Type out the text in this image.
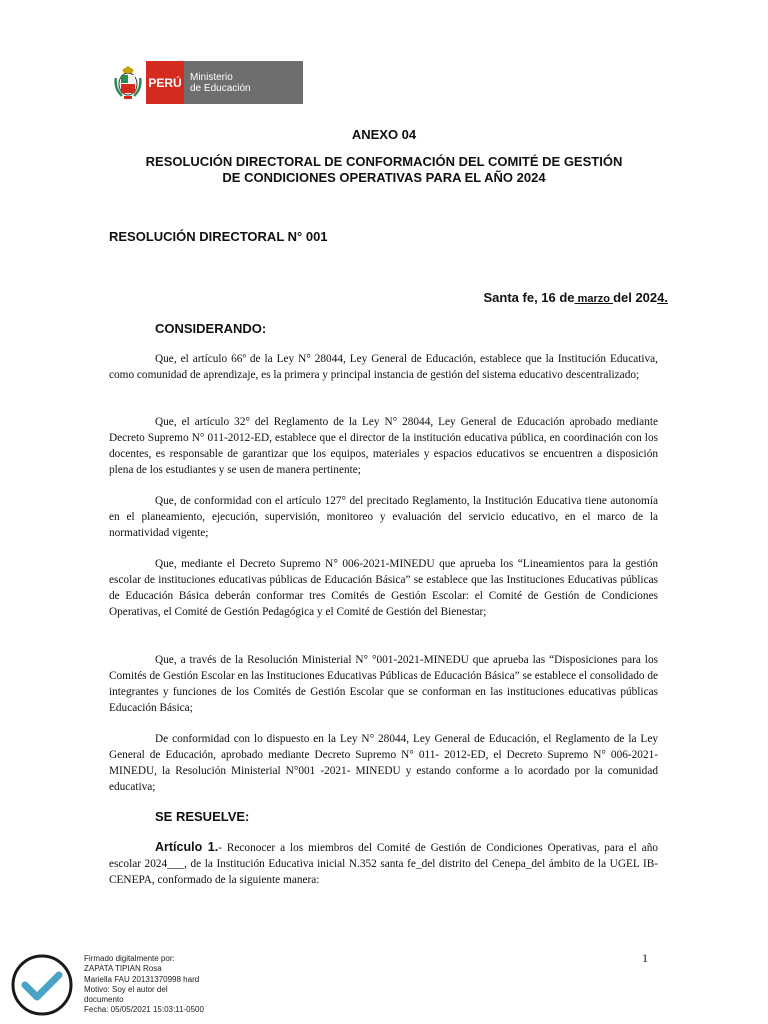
PERÚ Ministerio
de Educación
ANEXO 04
RESOLUCIÓN DIRECTORAL DE CONFORMACIÓN DEL COMITÉ DE GESTIÓN
DE CONDICIONES OPERATIVAS PARA EL AÑO 2024
RESOLUCIÓN DIRECTORAL N° 001
Santa fe, 16 de marzo del 2024.
CONSIDERANDO:
Que, el artículo 66º de la Ley N° 28044, Ley General de Educación, establece que la Institución Educativa, como comunidad de aprendizaje, es la primera y principal instancia de gestión del sistema educativo descentralizado;
Que, el artículo 32° del Reglamento de la Ley N° 28044, Ley General de Educación aprobado mediante Decreto Supremo N° 011-2012-ED, establece que el director de la institución educativa pública, en coordinación con los docentes, es responsable de garantizar que los equipos, materiales y espacios educativos se encuentren a disposición plena de los estudiantes y se usen de manera pertinente;
Que, de conformidad con el artículo 127° del precitado Reglamento, la Institución Educativa tiene autonomía en el planeamiento, ejecución, supervisión, monitoreo y evaluación del servicio educativo, en el marco de la normatividad vigente;
Que, mediante el Decreto Supremo N° 006-2021-MINEDU que aprueba los “Lineamientos para la gestión escolar de instituciones educativas públicas de Educación Básica” se establece que las Instituciones Educativas públicas de Educación Básica deberán conformar tres Comités de Gestión Escolar: el Comité de Gestión de Condiciones Operativas, el Comité de Gestión Pedagógica y el Comité de Gestión del Bienestar;
Que, a través de la Resolución Ministerial N° °001-2021-MINEDU que aprueba las “Disposiciones para los Comités de Gestión Escolar en las Instituciones Educativas Públicas de Educación Básica” se establece el consolidado de integrantes y funciones de los Comités de Gestión Escolar que se conforman en las instituciones educativas públicas Educación Básica;
De conformidad con lo dispuesto en la Ley N° 28044, Ley General de Educación, el Reglamento de la Ley General de Educación, aprobado mediante Decreto Supremo N° 011- 2012-ED, el Decreto Supremo N° 006-2021-MINEDU, la Resolución Ministerial N°001 -2021- MINEDU y estando conforme a lo acordado por la comunidad educativa;
SE RESUELVE:
Artículo 1.- Reconocer a los miembros del Comité de Gestión de Condiciones Operativas, para el año escolar 2024___, de la Institución Educativa inicial N.352 santa fe_del distrito del Cenepa_del ámbito de la UGEL IB-CENEPA, conformado de la siguiente manera:
1
Firmado digitalmente por:
ZAPATA TIPIAN Rosa
Mariella FAU 20131370998 hard
Motivo: Soy el autor del
documento
Fecha: 05/05/2021 15:03:11-0500
